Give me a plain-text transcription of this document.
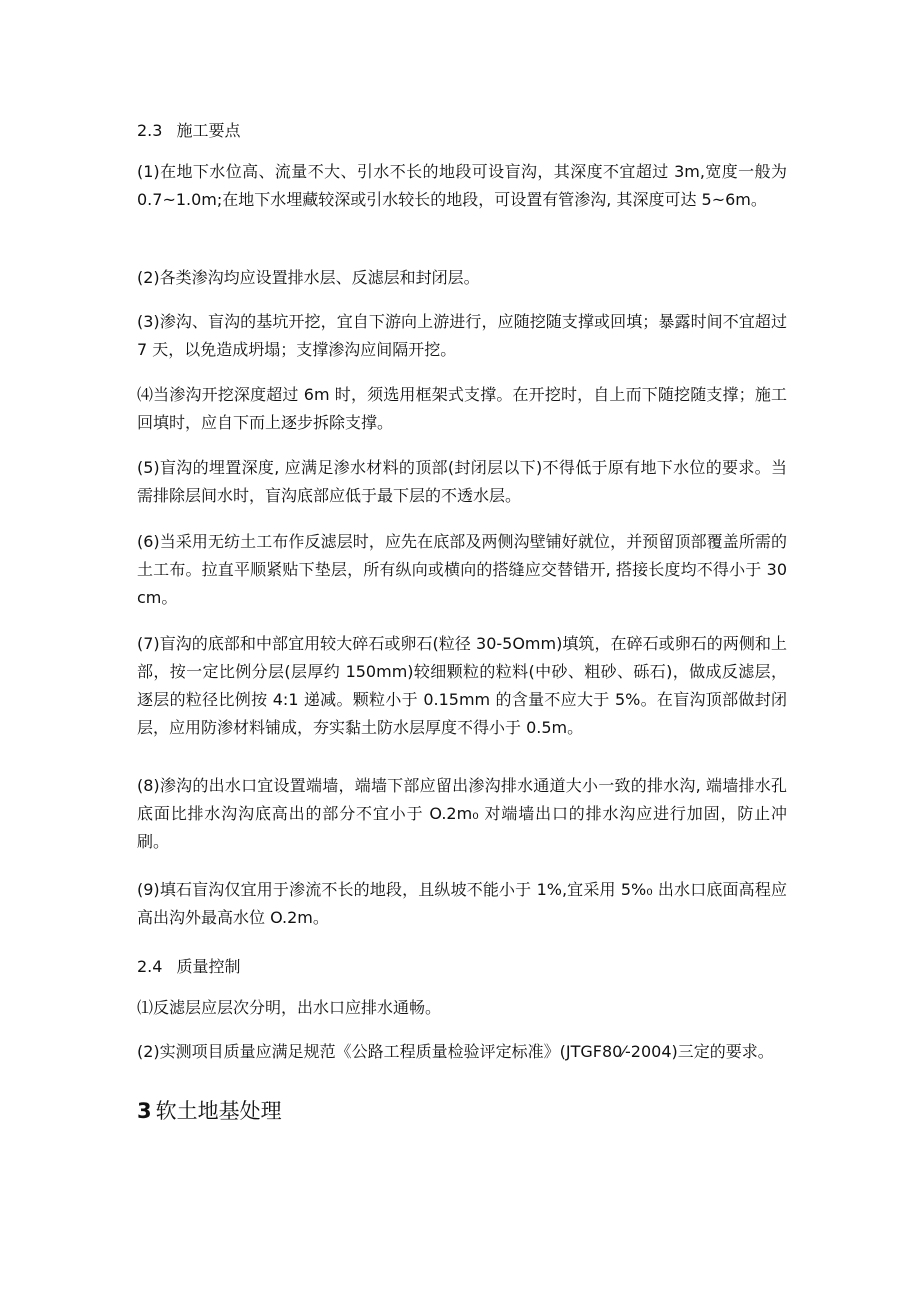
2.3 施工要点
(1)在地下水位高、流量不大、引水不长的地段可设盲沟，其深度不宜超过 3m,宽度一般为 0.7~1.0m;在地下水埋藏较深或引水较长的地段，可设置有管渗沟, 其深度可达 5~6m。
(2)各类渗沟均应设置排水层、反滤层和封闭层。
(3)渗沟、盲沟的基坑开挖，宜自下游向上游进行，应随挖随支撑或回填；暴露时间不宜超过 7 天，以免造成坍塌；支撑渗沟应间隔开挖。
⑷当渗沟开挖深度超过 6m 时，须选用框架式支撑。在开挖时，自上而下随挖随支撑；施工回填时，应自下而上逐步拆除支撑。
(5)盲沟的埋置深度, 应满足渗水材料的顶部(封闭层以下)不得低于原有地下水位的要求。当需排除层间水时，盲沟底部应低于最下层的不透水层。
(6)当采用无纺土工布作反滤层时，应先在底部及两侧沟壁铺好就位，并预留顶部覆盖所需的土工布。拉直平顺紧贴下垫层，所有纵向或横向的搭缝应交替错开, 搭接长度均不得小于 30cm。
(7)盲沟的底部和中部宜用较大碎石或卵石(粒径 30-5Omm)填筑，在碎石或卵石的两侧和上部，按一定比例分层(层厚约 150mm)较细颗粒的粒料(中砂、粗砂、砾石)，做成反滤层，逐层的粒径比例按 4:1 递减。颗粒小于 0.15mm 的含量不应大于 5%。在盲沟顶部做封闭层，应用防渗材料铺成，夯实黏土防水层厚度不得小于 0.5m。
(8)渗沟的出水口宜设置端墙，端墙下部应留出渗沟排水通道大小一致的排水沟, 端墙排水孔底面比排水沟沟底高出的部分不宜小于 O.2m₀ 对端墙出口的排水沟应进行加固，防止冲刷。
(9)填石盲沟仅宜用于渗流不长的地段，且纵坡不能小于 1%,宜采用 5%₀ 出水口底面高程应高出沟外最高水位 O.2m。
2.4 质量控制
⑴反滤层应层次分明，出水口应排水通畅。
(2)实测项目质量应满足规范《公路工程质量检验评定标准》(JTGF80⁄-2004)三定的要求。
3 软土地基处理
